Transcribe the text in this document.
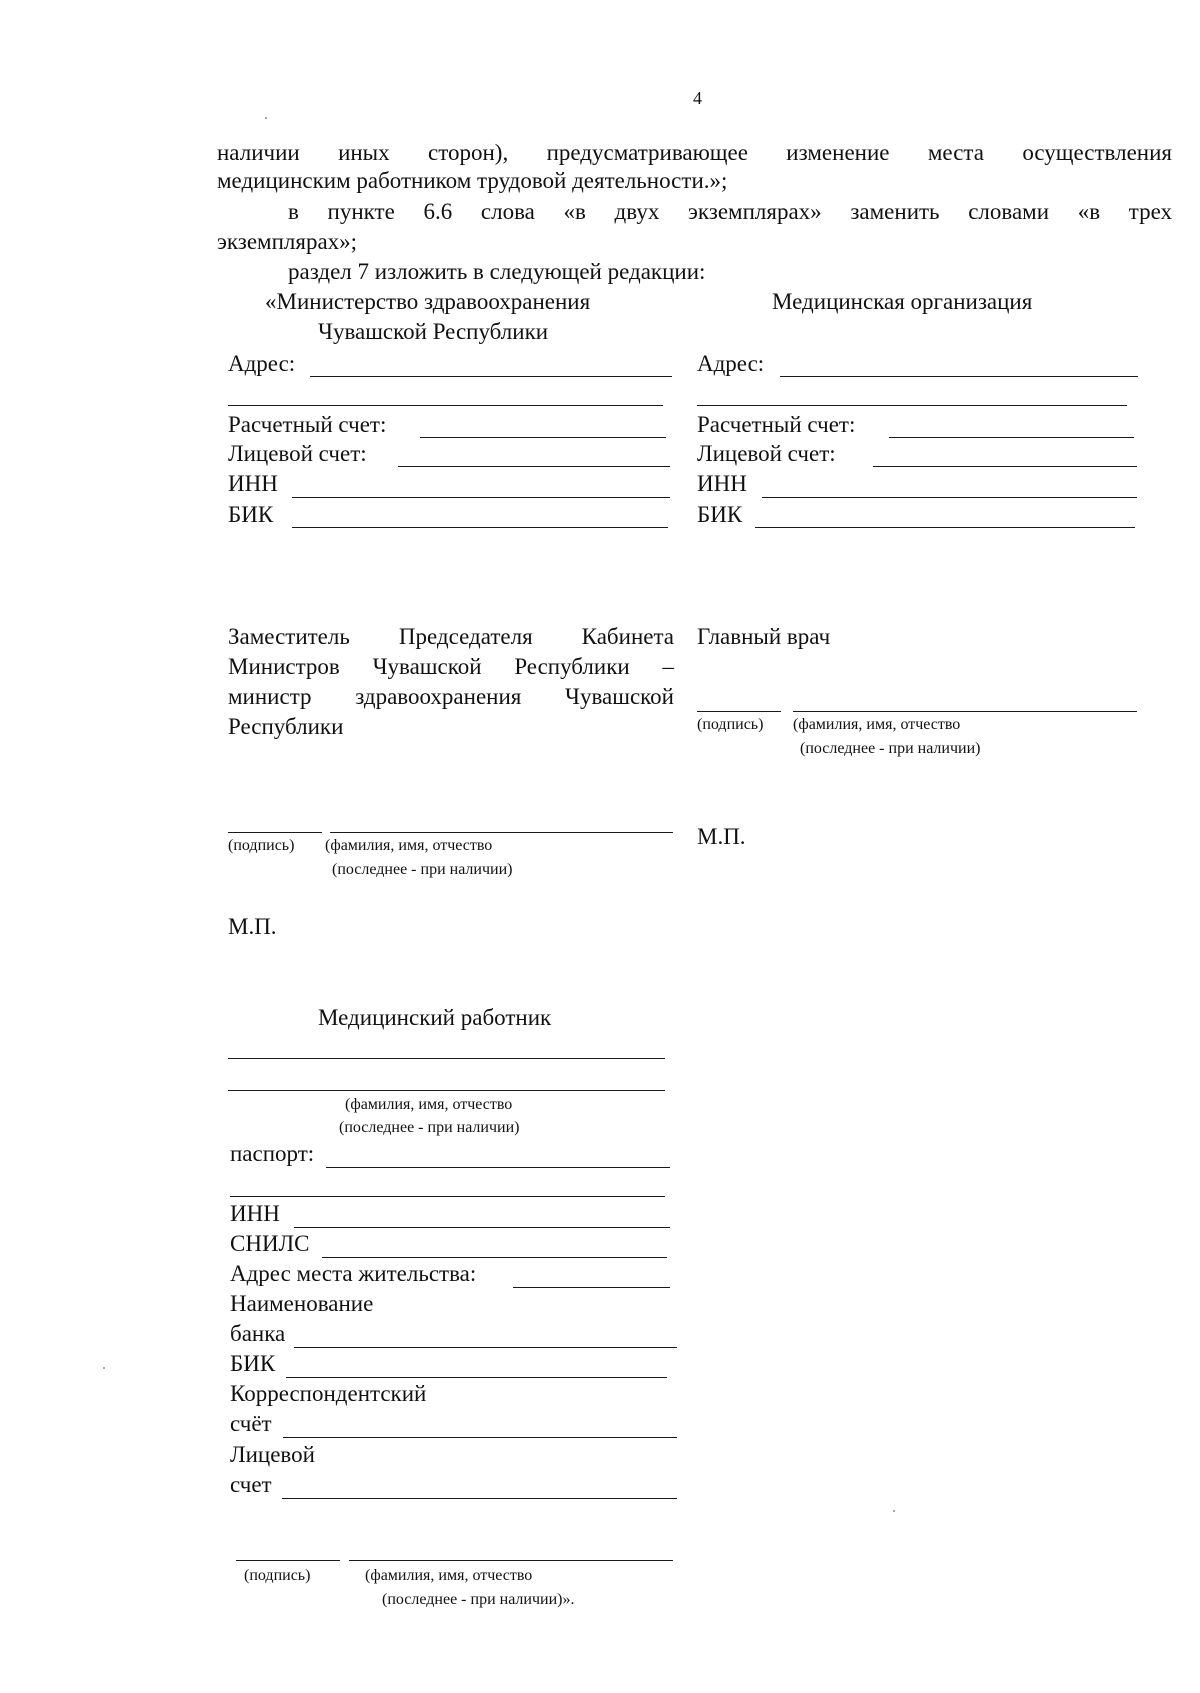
4
наличии иных сторон), предусматривающее изменение места осуществления
медицинским работником трудовой деятельности.»;
в пункте 6.6 слова «в двух экземплярах» заменить словами «в трех
экземплярах»;
раздел 7 изложить в следующей редакции:
«Министерство здравоохранения
Чувашской Республики
Медицинская организация
Адрес:
Расчетный счет:
Лицевой счет:
ИНН
БИК
Адрес:
Расчетный счет:
Лицевой счет:
ИНН
БИК
Заместитель Председателя Кабинета
Министров Чувашской Республики –
министр здравоохранения Чувашской
Республики
Главный врач
(подпись) (фамилия, имя, отчество
(последнее - при наличии)
(подпись) (фамилия, имя, отчество
(последнее - при наличии)
М.П.
М.П.
Медицинский работник
(фамилия, имя, отчество
(последнее - при наличии)
паспорт:
ИНН
СНИЛС
Адрес места жительства:
Наименование
банка
БИК
Корреспондентский
счёт
Лицевой
счет
(подпись)	(фамилия, имя, отчество
(последнее - при наличии)».
